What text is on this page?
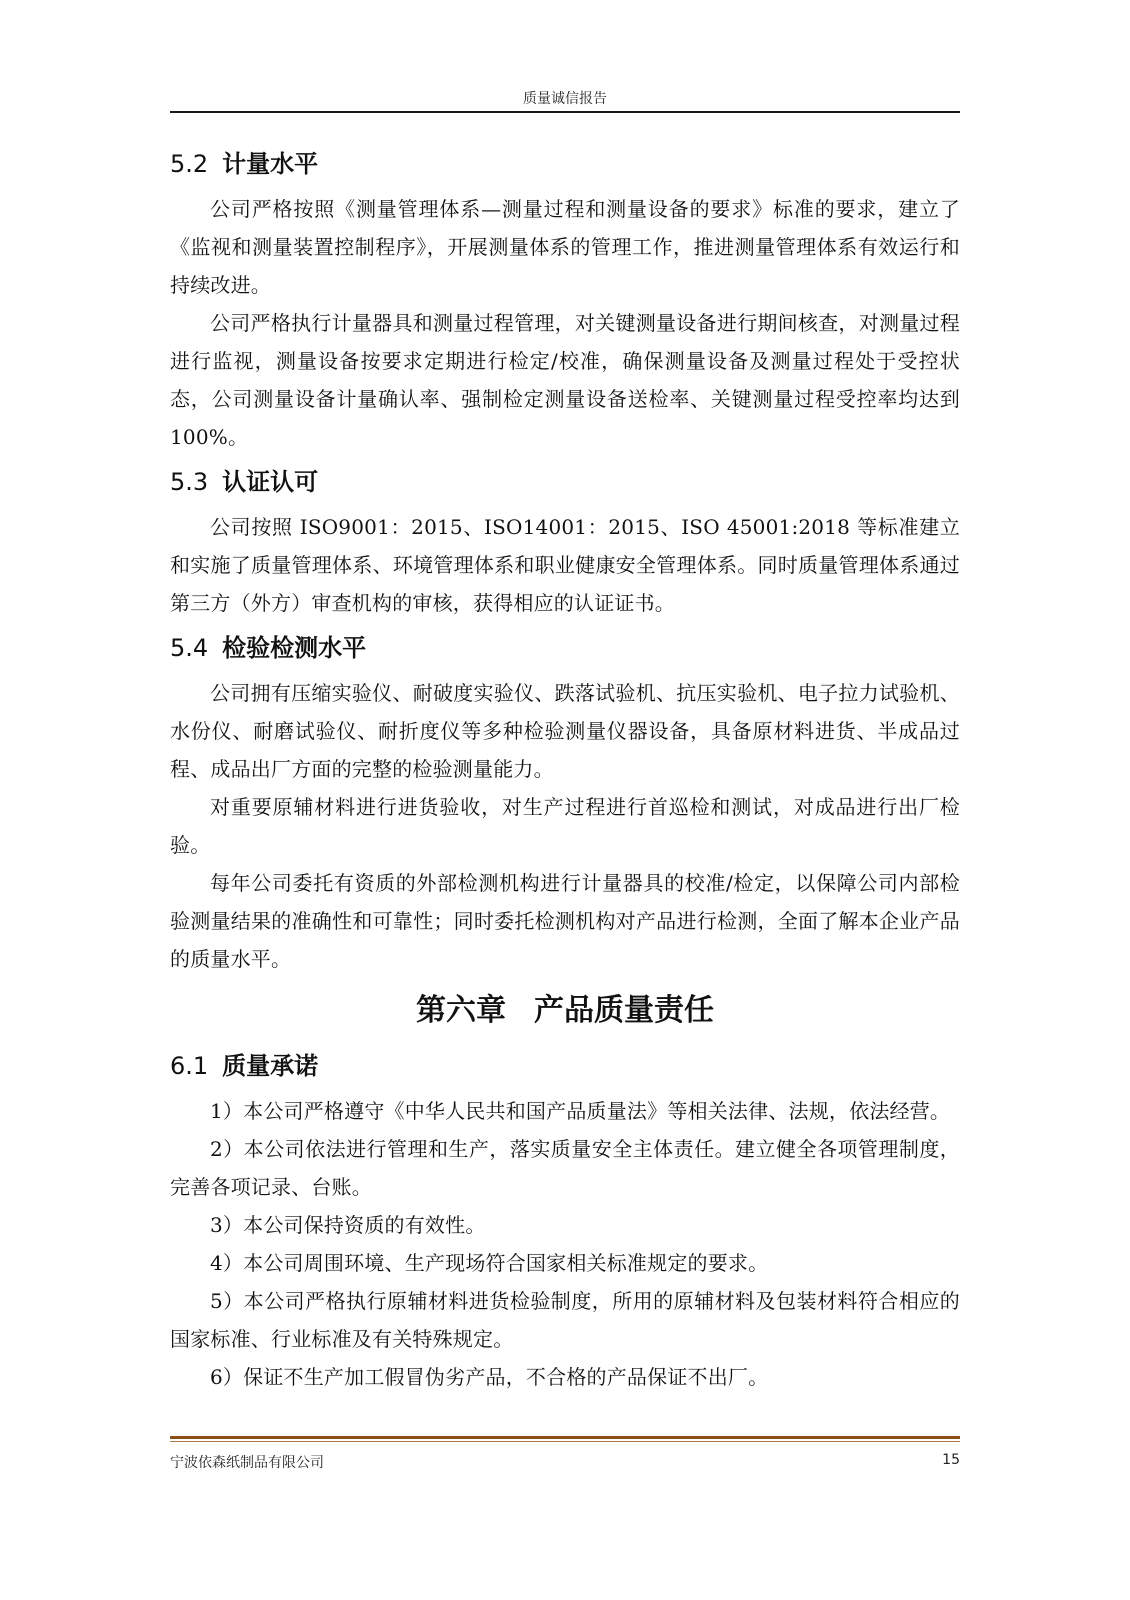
质量诚信报告
5.2 计量水平

公司严格按照《测量管理体系—测量过程和测量设备的要求》标准的要求，建立了《监视和测量装置控制程序》，开展测量体系的管理工作，推进测量管理体系有效运行和持续改进。

公司严格执行计量器具和测量过程管理，对关键测量设备进行期间核查，对测量过程进行监视，测量设备按要求定期进行检定/校准，确保测量设备及测量过程处于受控状态，公司测量设备计量确认率、强制检定测量设备送检率、关键测量过程受控率均达到 100%。

5.3 认证认可

公司按照 ISO9001：2015、ISO14001：2015、ISO 45001:2018 等标准建立和实施了质量管理体系、环境管理体系和职业健康安全管理体系。同时质量管理体系通过第三方（外方）审查机构的审核，获得相应的认证证书。

5.4 检验检测水平

公司拥有压缩实验仪、耐破度实验仪、跌落试验机、抗压实验机、电子拉力试验机、水份仪、耐磨试验仪、耐折度仪等多种检验测量仪器设备，具备原材料进货、半成品过程、成品出厂方面的完整的检验测量能力。

对重要原辅材料进行进货验收，对生产过程进行首巡检和测试，对成品进行出厂检验。

每年公司委托有资质的外部检测机构进行计量器具的校准/检定，以保障公司内部检验测量结果的准确性和可靠性；同时委托检测机构对产品进行检测，全面了解本企业产品的质量水平。

第六章 产品质量责任
6.1 质量承诺

1）本公司严格遵守《中华人民共和国产品质量法》等相关法律、法规，依法经营。

2）本公司依法进行管理和生产，落实质量安全主体责任。建立健全各项管理制度，完善各项记录、台账。

3）本公司保持资质的有效性。

4）本公司周围环境、生产现场符合国家相关标准规定的要求。

5）本公司严格执行原辅材料进货检验制度，所用的原辅材料及包装材料符合相应的国家标准、行业标准及有关特殊规定。

6）保证不生产加工假冒伪劣产品，不合格的产品保证不出厂。

宁波依森纸制品有限公司	15
